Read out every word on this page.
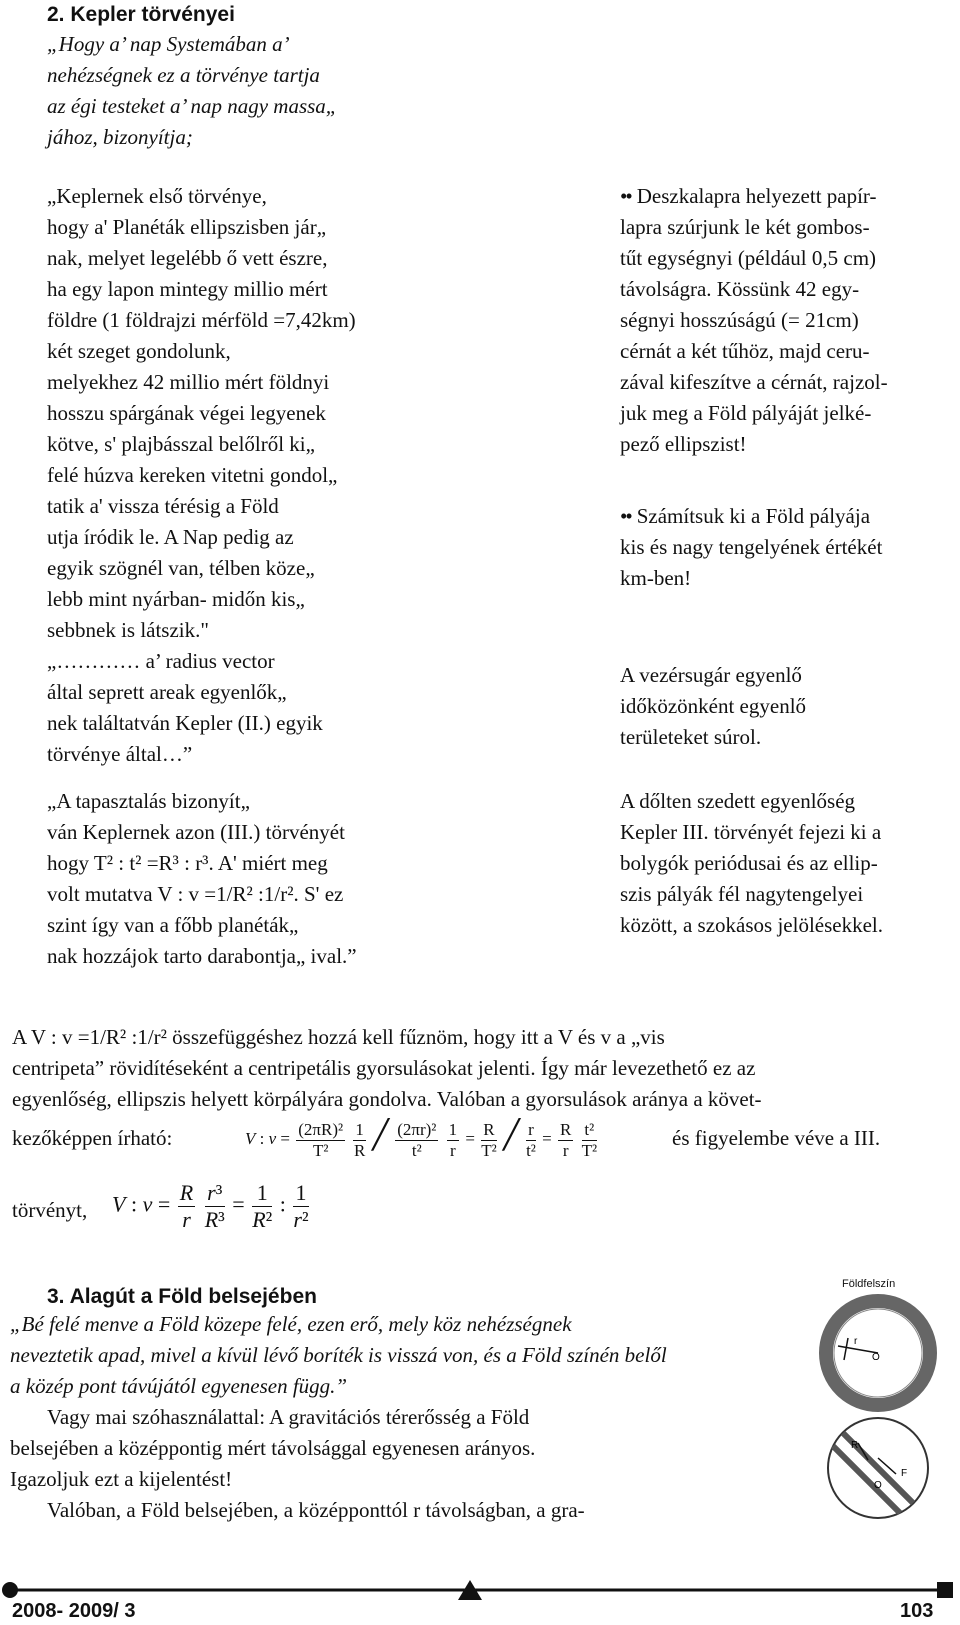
2. Kepler törvényei
„Hogy a’ nap Systemában a’
nehézségnek ez a törvénye tartja
az égi testeket a’ nap nagy massa„
jához, bizonyítja;
„Keplernek első törvénye,
hogy a' Planéták ellipszisben jár„
nak, melyet legelébb ő vett észre,
ha egy lapon mintegy millio mért
földre (1 földrajzi mérföld =7,42km)
két szeget gondolunk,
melyekhez 42 millio mért földnyi
hosszu spárgának végei legyenek
kötve, s' plajbásszal belőlről ki„
felé húzva kereken vitetni gondol„
tatik a' vissza térésig a Föld
utja íródik le. A Nap pedig az
egyik szögnél van, télben köze„
lebb mint nyárban- midőn kis„
sebbnek is látszik."
„………… a’ radius vector
által seprett areak egyenlők„
nek találtatván Kepler (II.) egyik
törvénye által…”
„A tapasztalás bizonyít„
ván Keplernek azon (III.) törvényét
hogy T² : t² =R³ : r³. A' miért meg
volt mutatva V : v =1/R² :1/r². S' ez
szint így van a főbb planéták„
nak hozzájok tarto darabontja„ ival.”
•• Deszkalapra helyezett papír-
lapra szúrjunk le két gombos-
tűt egységnyi (például 0,5 cm)
távolságra. Kössünk 42 egy-
ségnyi hosszúságú (= 21cm)
cérnát a két tűhöz, majd ceru-
zával kifeszítve a cérnát, rajzol-
juk meg a Föld pályáját jelké-
pező ellipszist!
•• Számítsuk ki a Föld pályája
kis és nagy tengelyének értékét
km-ben!
A vezérsugár egyenlő
időközönként egyenlő
területeket súrol.
A dőlten szedett egyenlőség
Kepler III. törvényét fejezi ki a
bolygók periódusai és az ellip-
szis pályák fél nagytengelyei
között, a szokásos jelölésekkel.
A V : v =1/R² :1/r² összefüggéshez hozzá kell fűznöm, hogy itt a V és v a „vis
centripeta” rövidítéseként a centripetális gyorsulásokat jelenti. Így már levezethető ez az
egyenlőség, ellipszis helyett körpályára gondolva. Valóban a gyorsulások aránya a követ-
kezőképpen írható:	V : $v = \frac{\text{(2πR)²}}{\text{T²}}$
$\frac{1}{R}$ ╱ $\frac{\text{(2πr)²}}{\text{t²}}$
$\frac{1}{r} = \frac{R}{\text{T²}}$ ╱ $\frac{r}{\text{t²}} = \frac{R}{r}$
$\frac{\text{t²}}{\text{T²}}$	és figyelembe véve a III.
törvényt, V : $v = \frac{R}{r}$
$\frac{\text{r³}}{\text{R³}} = \frac{1}{\text{R²}}$ : $\frac{1}{\text{r²}}$
3. Alagút a Föld belsejében
„Bé felé menve a Föld közepe felé, ezen erő, mely köz nehézségnek
neveztetik apad, mivel a kívül lévő boríték is visszá von, és a Föld színén belől
a közép pont távújától egyenesen függ.”
Vagy mai szóhasználattal: A gravitációs térerősség a Föld
belsejében a középpontig mért távolsággal egyenesen arányos.
Igazoljuk ezt a kijelentést!
Valóban, a Föld belsejében, a középponttól r távolságban, a gra-
Földfelszín
O
r
F
R
O
2008- 2009/ 3	103
